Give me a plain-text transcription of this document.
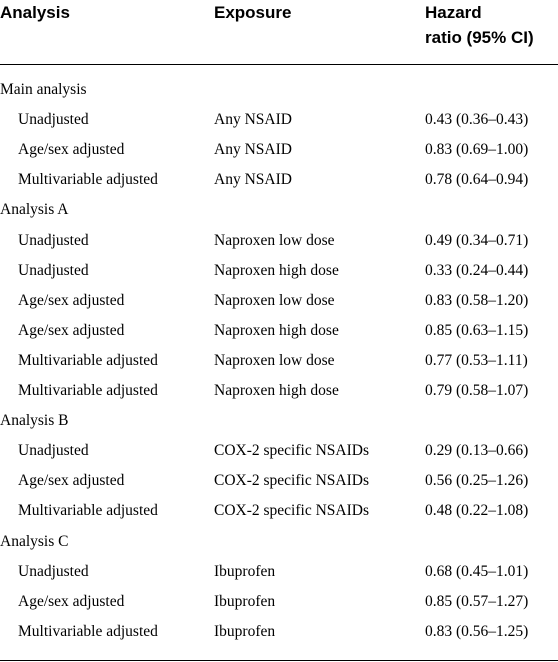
Analysis	Exposure	Hazard
ratio (95% CI)
Main analysis
Unadjusted	Any NSAID	0.43 (0.36–0.43)
Age/sex adjusted	Any NSAID	0.83 (0.69–1.00)
Multivariable adjusted	Any NSAID	0.78 (0.64–0.94)
Analysis A
Unadjusted	Naproxen low dose	0.49 (0.34–0.71)
Unadjusted	Naproxen high dose	0.33 (0.24–0.44)
Age/sex adjusted	Naproxen low dose	0.83 (0.58–1.20)
Age/sex adjusted	Naproxen high dose	0.85 (0.63–1.15)
Multivariable adjusted	Naproxen low dose	0.77 (0.53–1.11)
Multivariable adjusted	Naproxen high dose	0.79 (0.58–1.07)
Analysis B
Unadjusted	COX-2 specific NSAIDs	0.29 (0.13–0.66)
Age/sex adjusted	COX-2 specific NSAIDs	0.56 (0.25–1.26)
Multivariable adjusted	COX-2 specific NSAIDs	0.48 (0.22–1.08)
Analysis C
Unadjusted	Ibuprofen	0.68 (0.45–1.01)
Age/sex adjusted	Ibuprofen	0.85 (0.57–1.27)
Multivariable adjusted	Ibuprofen	0.83 (0.56–1.25)
